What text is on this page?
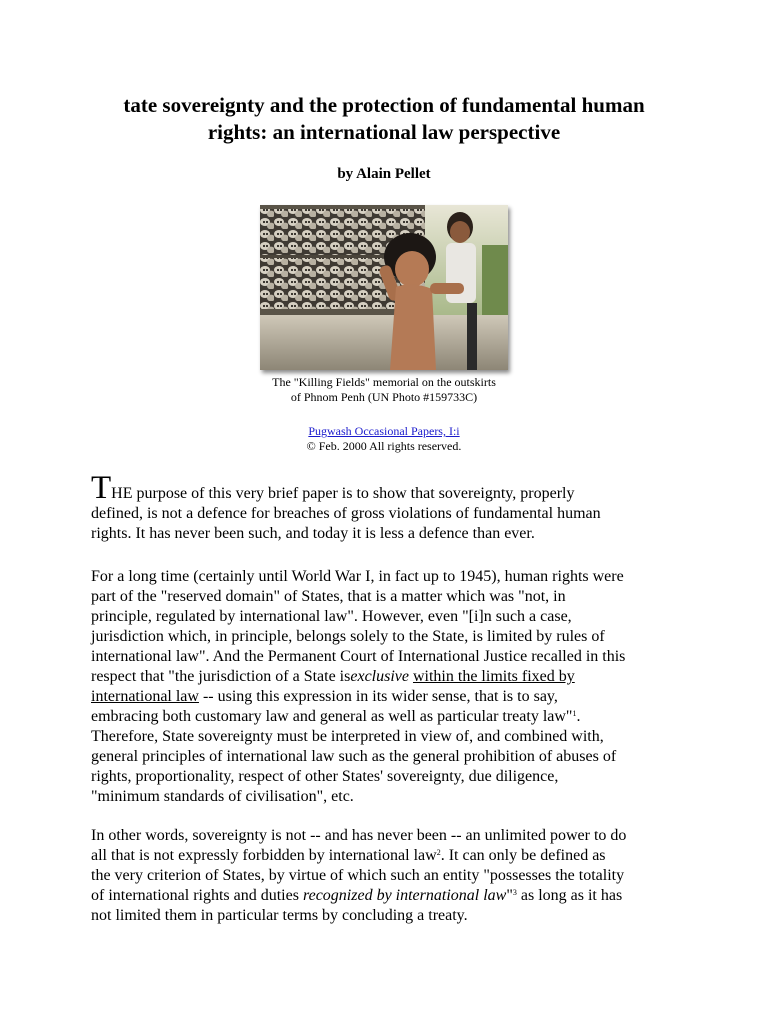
tate sovereignty and the protection of fundamental human
rights: an international law perspective
by Alain Pellet
The "Killing Fields" memorial on the outskirts
of Phnom Penh (UN Photo #159733C)
Pugwash Occasional Papers, I:i
© Feb. 2000 All rights reserved.
THE purpose of this very brief paper is to show that sovereignty, properly
defined, is not a defence for breaches of gross violations of fundamental human
rights. It has never been such, and today it is less a defence than ever.
For a long time (certainly until World War I, in fact up to 1945), human rights were
part of the "reserved domain" of States, that is a matter which was "not, in
principle, regulated by international law". However, even "[i]n such a case,
jurisdiction which, in principle, belongs solely to the State, is limited by rules of
international law". And the Permanent Court of International Justice recalled in this
respect that "the jurisdiction of a State isexclusive within the limits fixed by
international law -- using this expression in its wider sense, that is to say,
embracing both customary law and general as well as particular treaty law"$^1$.
Therefore, State sovereignty must be interpreted in view of, and combined with,
general principles of international law such as the general prohibition of abuses of
rights, proportionality, respect of other States' sovereignty, due diligence,
"minimum standards of civilisation", etc.
In other words, sovereignty is not -- and has never been -- an unlimited power to do
all that is not expressly forbidden by international law$^2$. It can only be defined as
the very criterion of States, by virtue of which such an entity "possesses the totality
of international rights and duties recognized by international law"$^3$ as long as it has
not limited them in particular terms by concluding a treaty.
